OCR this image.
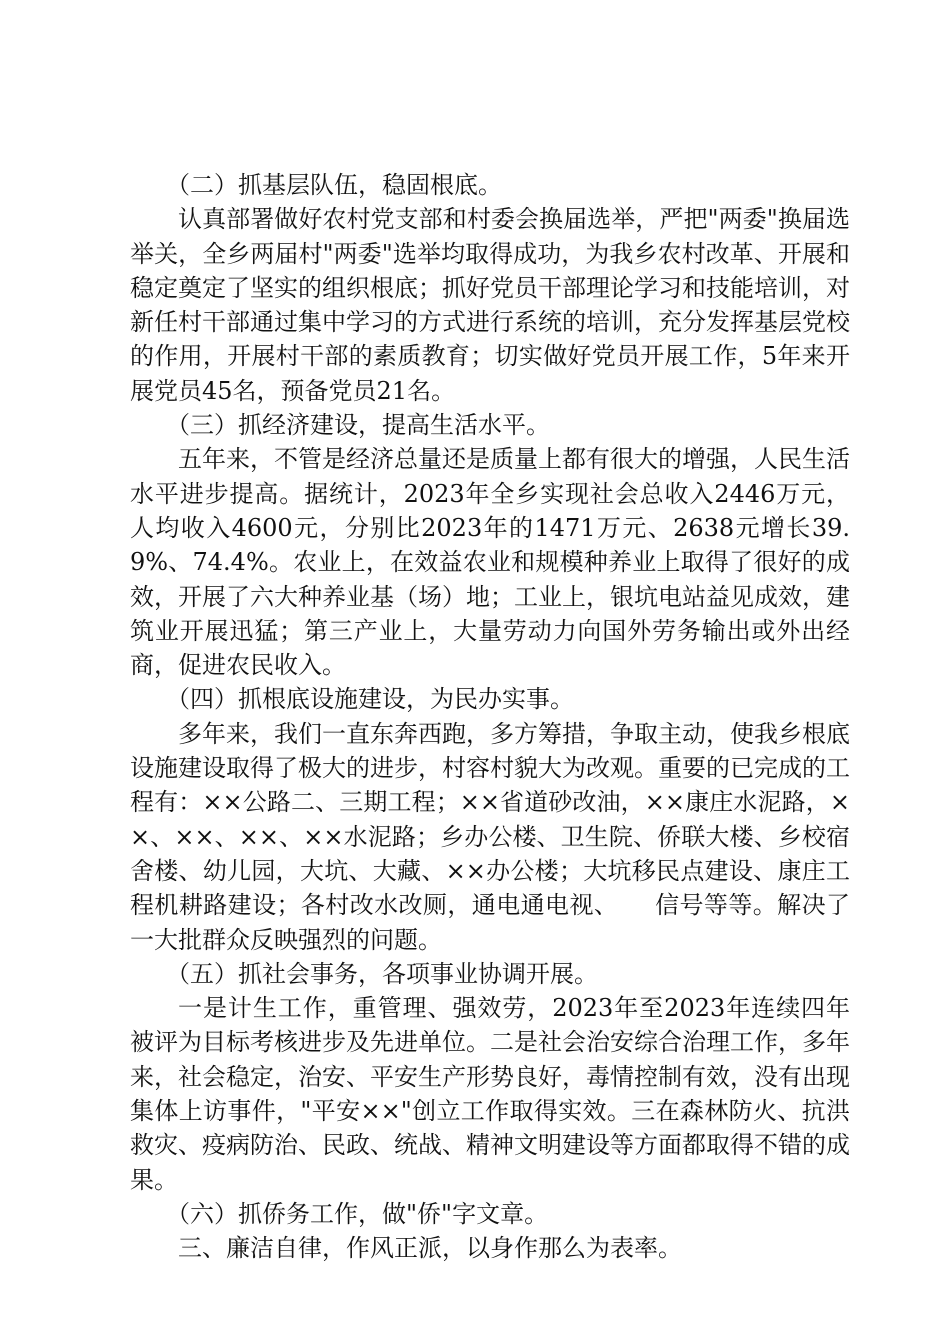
（二）抓基层队伍，稳固根底。

认真部署做好农村党支部和村委会换届选举，严把"两委"换届选举关，全乡两届村"两委"选举均取得成功，为我乡农村改革、开展和稳定奠定了坚实的组织根底；抓好党员干部理论学习和技能培训，对新任村干部通过集中学习的方式进行系统的培训，充分发挥基层党校的作用，开展村干部的素质教育；切实做好党员开展工作，5年来开展党员45名，预备党员21名。

（三）抓经济建设，提高生活水平。

五年来，不管是经济总量还是质量上都有很大的增强，人民生活水平进步提高。据统计，2023年全乡实现社会总收入2446万元，人均收入4600元，分别比2023年的1471万元、2638元增长39.9%、74.4%。农业上，在效益农业和规模种养业上取得了很好的成效，开展了六大种养业基（场）地；工业上，银坑电站益见成效，建筑业开展迅猛；第三产业上，大量劳动力向国外劳务输出或外出经商，促进农民收入。

（四）抓根底设施建设，为民办实事。

多年来，我们一直东奔西跑，多方筹措，争取主动，使我乡根底设施建设取得了极大的进步，村容村貌大为改观。重要的已完成的工程有：××公路二、三期工程；××省道砂改油，××康庄水泥路，××、××、××、××水泥路；乡办公楼、卫生院、侨联大楼、乡校宿舍楼、幼儿园，大坑、大藏、××办公楼；大坑移民点建设、康庄工程机耕路建设；各村改水改厕，通电通电视、　　信号等等。解决了一大批群众反映强烈的问题。

（五）抓社会事务，各项事业协调开展。

一是计生工作，重管理、强效劳，2023年至2023年连续四年被评为目标考核进步及先进单位。二是社会治安综合治理工作，多年来，社会稳定，治安、平安生产形势良好，毒情控制有效，没有出现集体上访事件，"平安××"创立工作取得实效。三在森林防火、抗洪救灾、疫病防治、民政、统战、精神文明建设等方面都取得不错的成果。

（六）抓侨务工作，做"侨"字文章。

三、廉洁自律，作风正派，以身作那么为表率。
